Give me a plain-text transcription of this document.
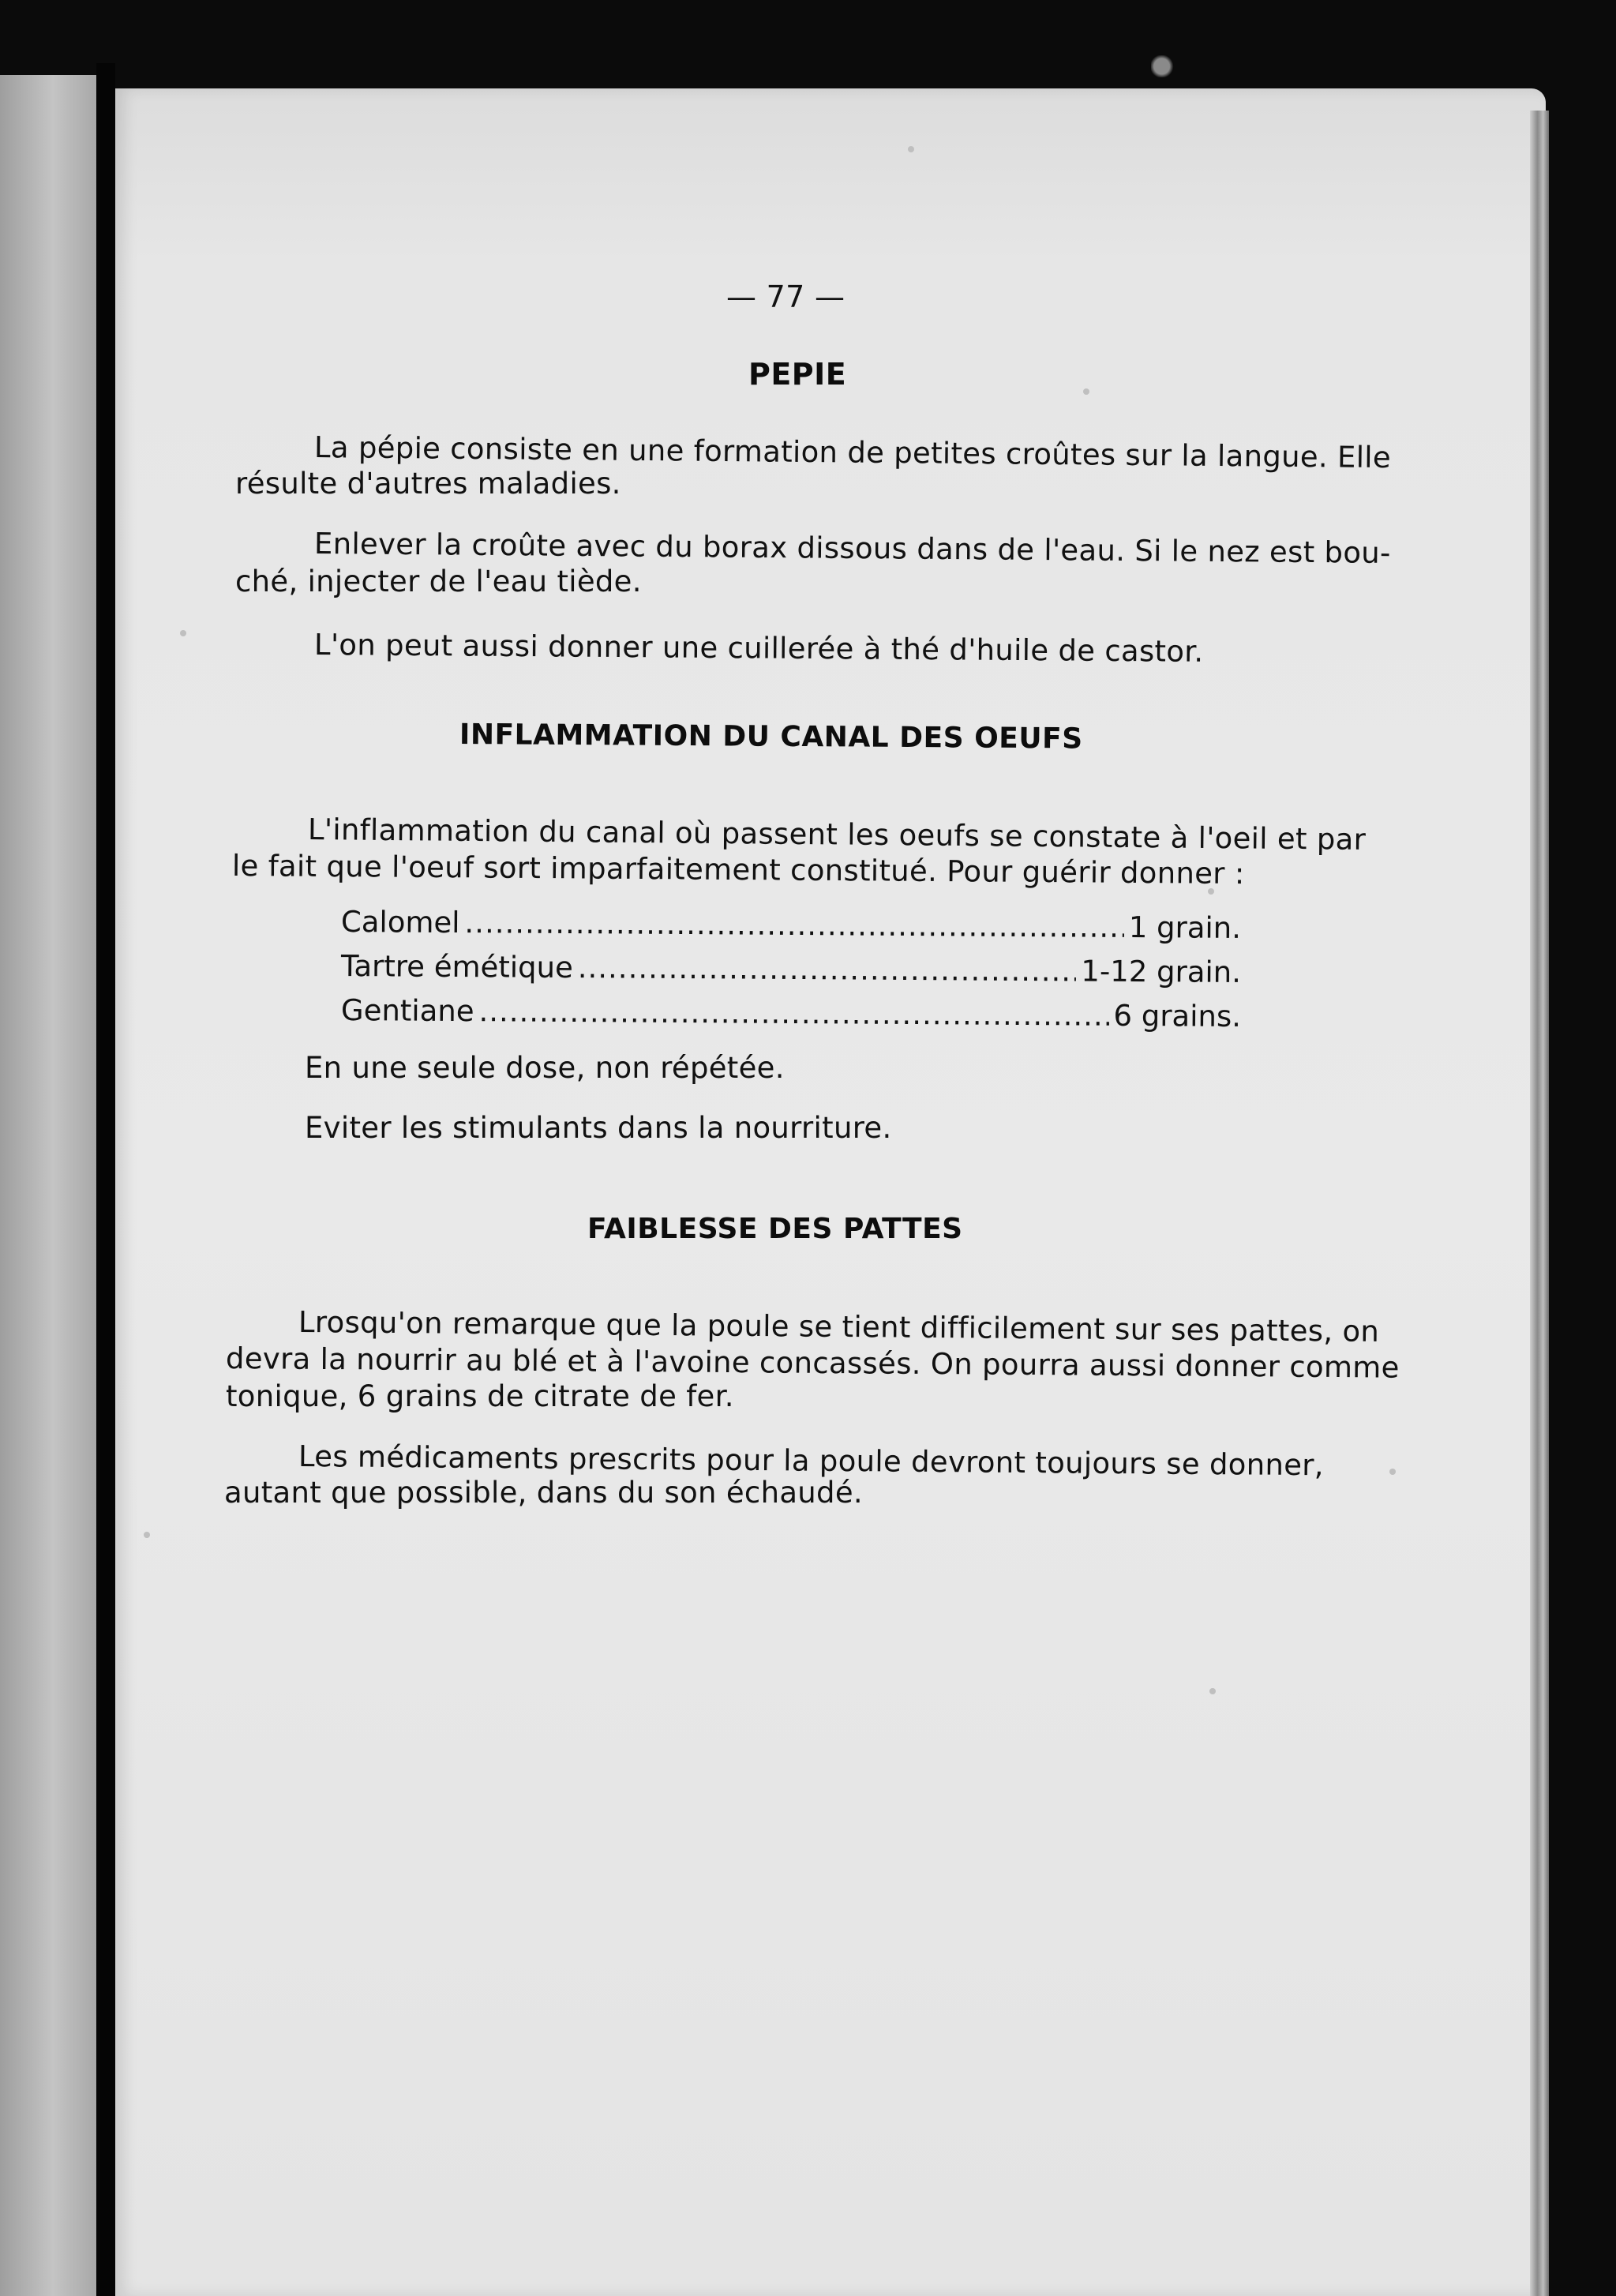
— 77 —
PEPIE
La pépie consiste en une formation de petites croûtes sur la langue. Elle
résulte d'autres maladies.
Enlever la croûte avec du borax dissous dans de l'eau. Si le nez est bou-
ché, injecter de l'eau tiède.
L'on peut aussi donner une cuillerée à thé d'huile de castor.
INFLAMMATION DU CANAL DES OEUFS
L'inflammation du canal où passent les oeufs se constate à l'oeil et par
le fait que l'oeuf sort imparfaitement constitué. Pour guérir donner :
Calomel .....	1 grain.
Tartre émétique .....	1-12 grain.
Gentiane .....	6 grains.
En une seule dose, non répétée.
Eviter les stimulants dans la nourriture.
FAIBLESSE DES PATTES
Lrosqu'on remarque que la poule se tient difficilement sur ses pattes, on
devra la nourrir au blé et à l'avoine concassés. On pourra aussi donner comme
tonique, 6 grains de citrate de fer.
Les médicaments prescrits pour la poule devront toujours se donner,
autant que possible, dans du son échaudé.
